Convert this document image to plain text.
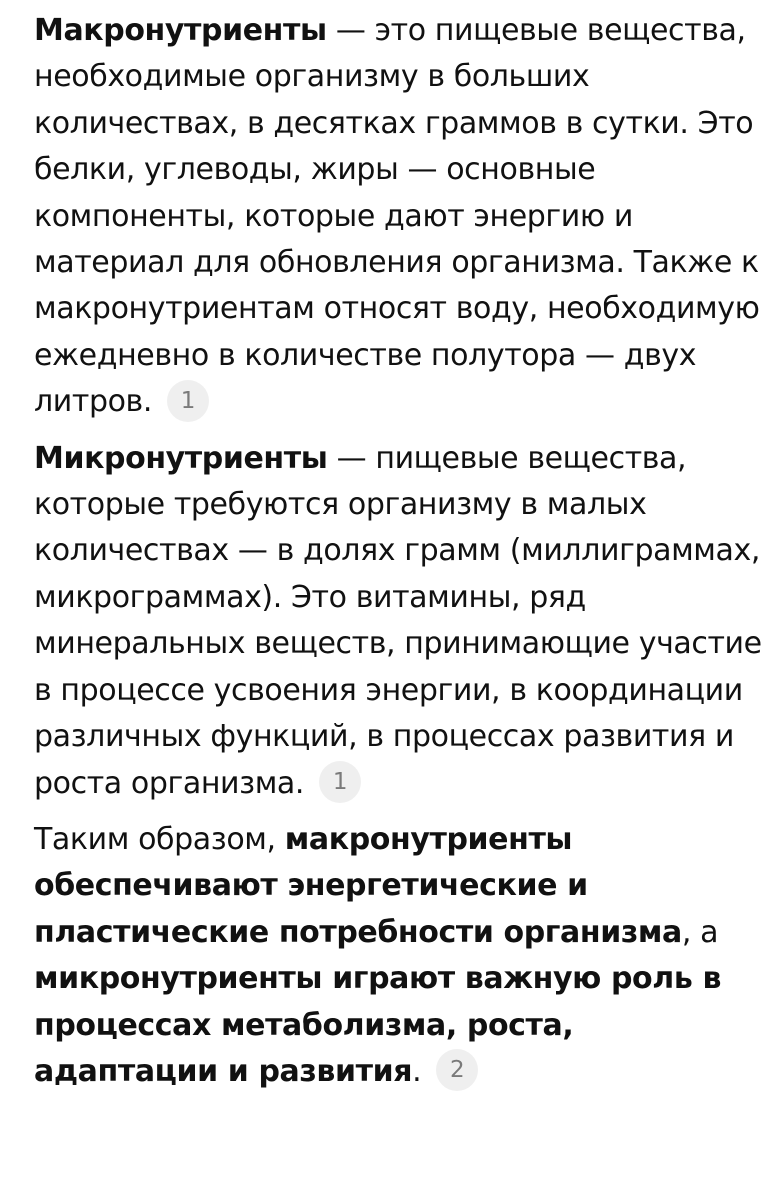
Макронутриенты — это пищевые вещества, необходимые организму в больших количествах, в десятках граммов в сутки. Это белки, углеводы, жиры — основные компоненты, которые дают энергию и материал для обновления организма. Также к макронутриентам относят воду, необходимую ежедневно в количестве полутора — двух литров. 1

Микронутриенты — пищевые вещества, которые требуются организму в малых количествах — в долях грамм (миллиграммах, микрограммах). Это витамины, ряд минеральных веществ, принимающие участие в процессе усвоения энергии, в координации различных функций, в процессах развития и роста организма. 1

Таким образом, макронутриенты обеспечивают энергетические и пластические потребности организма, а микронутриенты играют важную роль в процессах метаболизма, роста, адаптации и развития. 2
